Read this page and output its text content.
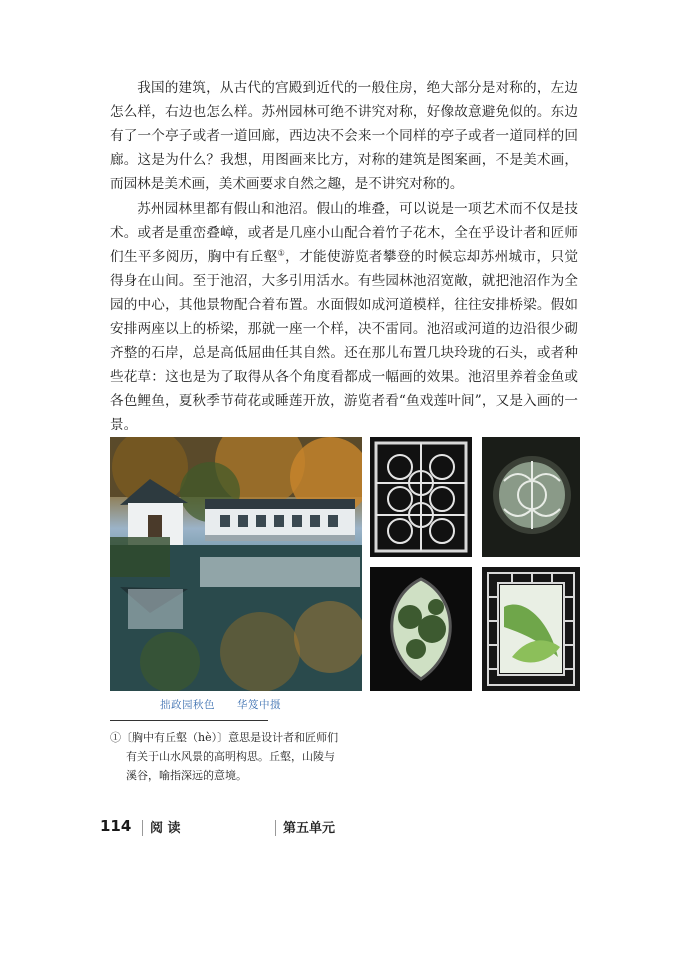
我国的建筑，从古代的宫殿到近代的一般住房，绝大部分是对称的，左边怎么样，右边也怎么样。苏州园林可绝不讲究对称，好像故意避免似的。东边有了一个亭子或者一道回廊，西边决不会来一个同样的亭子或者一道同样的回廊。这是为什么？我想，用图画来比方，对称的建筑是图案画，不是美术画，而园林是美术画，美术画要求自然之趣，是不讲究对称的。

苏州园林里都有假山和池沼。假山的堆叠，可以说是一项艺术而不仅是技术。或者是重峦叠嶂，或者是几座小山配合着竹子花木，全在乎设计者和匠师们生平多阅历，胸中有丘壑①，才能使游览者攀登的时候忘却苏州城市，只觉得身在山间。至于池沼，大多引用活水。有些园林池沼宽敞，就把池沼作为全园的中心，其他景物配合着布置。水面假如成河道模样，往往安排桥梁。假如安排两座以上的桥梁，那就一座一个样，决不雷同。池沼或河道的边沿很少砌齐整的石岸，总是高低屈曲任其自然。还在那儿布置几块玲珑的石头，或者种些花草：这也是为了取得从各个角度看都成一幅画的效果。池沼里养着金鱼或各色鲤鱼，夏秋季节荷花或睡莲开放，游览者看“鱼戏莲叶间”，又是入画的一景。

拙政园秋色 华笈中摄
①〔胸中有丘壑（hè）〕意思是设计者和匠师们
有关于山水风景的高明构思。丘壑，山陵与
溪谷，喻指深远的意境。
114 阅 读	第五单元
